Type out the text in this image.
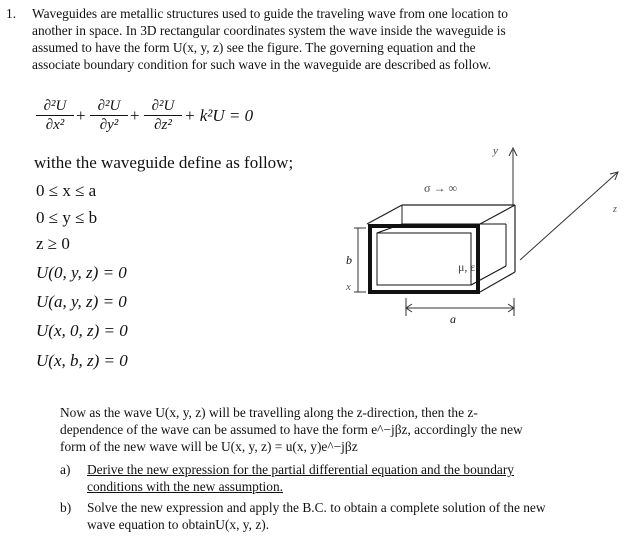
1. Waveguides are metallic structures used to guide the traveling wave from one location to
another in space. In 3D rectangular coordinates system the wave inside the waveguide is
assumed to have the form U(x, y, z) see the figure. The governing equation and the
associate boundary condition for such wave in the waveguide are described as follow.
∂²U
∂x² + ∂²U
∂y² + ∂²U
∂z² + k²U = 0
withe the waveguide define as follow;
0 ≤ x ≤ a
0 ≤ y ≤ b
z ≥ 0
U(0, y, z) = 0
U(a, y, z) = 0
U(x, 0, z) = 0
U(x, b, z) = 0
y
z
σ → ∞
μ, ε
b
x
a
Now as the wave U(x, y, z) will be travelling along the z-direction, then the z-
dependence of the wave can be assumed to have the form e^−jβz, accordingly the new
form of the new wave will be U(x, y, z) = u(x, y)e^−jβz
a) Derive the new expression for the partial differential equation and the boundary
conditions with the new assumption.
b) Solve the new expression and apply the B.C. to obtain a complete solution of the new
wave equation to obtainU(x, y, z).
